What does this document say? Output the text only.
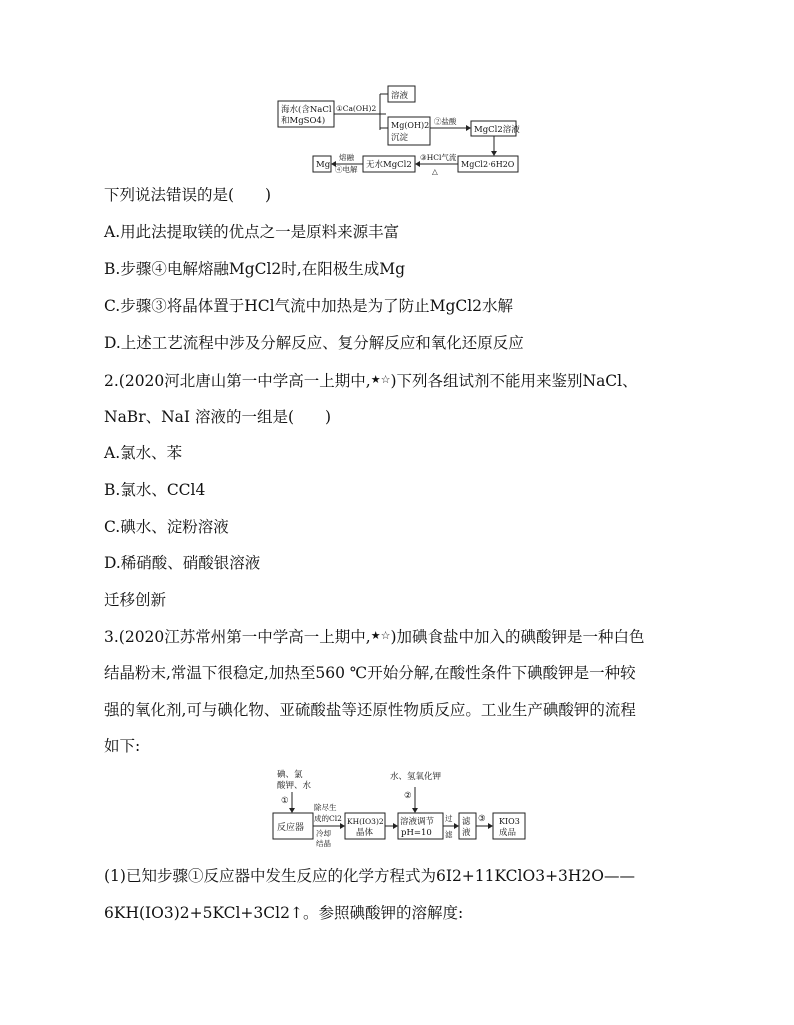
海水(含NaCl
和MgSO4)
①Ca(OH)2
溶液
Mg(OH)2
沉淀
②盐酸
MgCl2溶液
MgCl2·6H2O
③HCl气流
△
无水MgCl2
熔融
④电解
Mg
下列说法错误的是(　　)
A.用此法提取镁的优点之一是原料来源丰富
B.步骤④电解熔融MgCl2时,在阳极生成Mg
C.步骤③将晶体置于HCl气流中加热是为了防止MgCl2水解
D.上述工艺流程中涉及分解反应、复分解反应和氧化还原反应
2.(2020河北唐山第一中学高一上期中,★☆)下列各组试剂不能用来鉴别NaCl、
NaBr、NaI 溶液的一组是(　　)
A.氯水、苯
B.氯水、CCl4
C.碘水、淀粉溶液
D.稀硝酸、硝酸银溶液
迁移创新
3.(2020江苏常州第一中学高一上期中,★☆)加碘食盐中加入的碘酸钾是一种白色
结晶粉末,常温下很稳定,加热至560 ℃开始分解,在酸性条件下碘酸钾是一种较
强的氧化剂,可与碘化物、亚硫酸盐等还原性物质反应。工业生产碘酸钾的流程
如下:
碘、氯
酸钾、水
①
反应器
除尽生
成的Cl2
冷却
结晶
KH(IO3)2
晶体
水、氢氧化钾
②
溶液调节
pH=10
过
滤
滤
液
③ KIO3
成品
(1)已知步骤①反应器中发生反应的化学方程式为6I2+11KClO3+3H2O——
6KH(IO3)2+5KCl+3Cl2↑。参照碘酸钾的溶解度:
